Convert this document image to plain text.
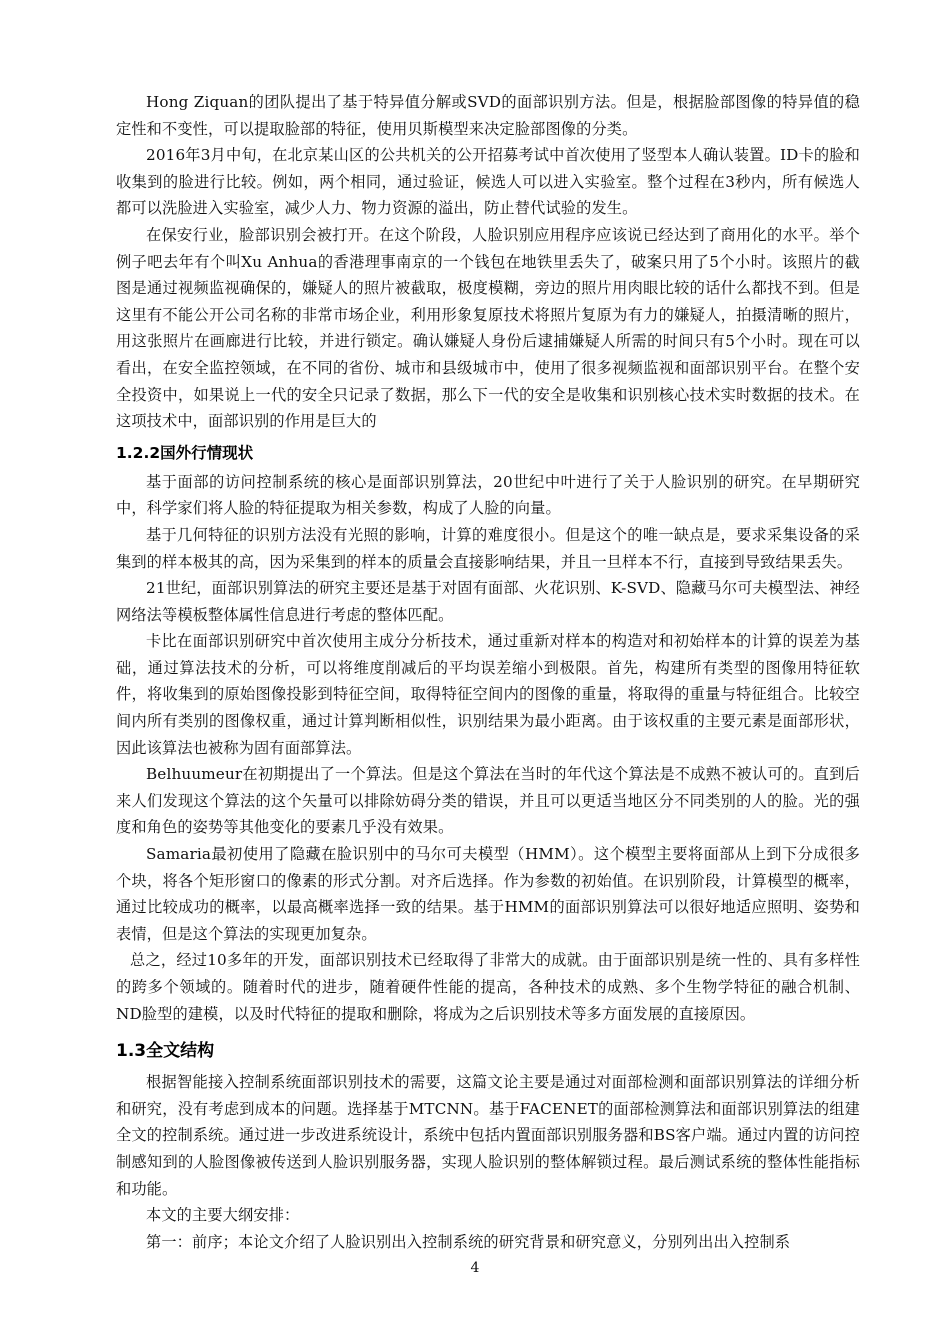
Hong Ziquan的团队提出了基于特异值分解或SVD的面部识别方法。但是，根据脸部图像的特异值的稳定性和不变性，可以提取脸部的特征，使用贝斯模型来决定脸部图像的分类。

2016年3月中旬，在北京某山区的公共机关的公开招募考试中首次使用了竖型本人确认装置。ID卡的脸和收集到的脸进行比较。例如，两个相同，通过验证，候选人可以进入实验室。整个过程在3秒内，所有候选人都可以洗脸进入实验室，减少人力、物力资源的溢出，防止替代试验的发生。

在保安行业，脸部识别会被打开。在这个阶段，人脸识别应用程序应该说已经达到了商用化的水平。举个例子吧去年有个叫Xu Anhua的香港理事南京的一个钱包在地铁里丢失了，破案只用了5个小时。该照片的截图是通过视频监视确保的，嫌疑人的照片被截取，极度模糊，旁边的照片用肉眼比较的话什么都找不到。但是这里有不能公开公司名称的非常市场企业，利用形象复原技术将照片复原为有力的嫌疑人，拍摄清晰的照片，用这张照片在画廊进行比较，并进行锁定。确认嫌疑人身份后逮捕嫌疑人所需的时间只有5个小时。现在可以看出，在安全监控领域，在不同的省份、城市和县级城市中，使用了很多视频监视和面部识别平台。在整个安全投资中，如果说上一代的安全只记录了数据，那么下一代的安全是收集和识别核心技术实时数据的技术。在这项技术中，面部识别的作用是巨大的

1.2.2国外行情现状

基于面部的访问控制系统的核心是面部识别算法，20世纪中叶进行了关于人脸识别的研究。在早期研究中，科学家们将人脸的特征提取为相关参数，构成了人脸的向量。

基于几何特征的识别方法没有光照的影响，计算的难度很小。但是这个的唯一缺点是，要求采集设备的采集到的样本极其的高，因为采集到的样本的质量会直接影响结果，并且一旦样本不行，直接到导致结果丢失。

21世纪，面部识别算法的研究主要还是基于对固有面部、火花识别、K-SVD、隐藏马尔可夫模型法、神经网络法等模板整体属性信息进行考虑的整体匹配。

卡比在面部识别研究中首次使用主成分分析技术，通过重新对样本的构造对和初始样本的计算的误差为基础，通过算法技术的分析，可以将维度削减后的平均误差缩小到极限。首先，构建所有类型的图像用特征软件，将收集到的原始图像投影到特征空间，取得特征空间内的图像的重量，将取得的重量与特征组合。比较空间内所有类别的图像权重，通过计算判断相似性，识别结果为最小距离。由于该权重的主要元素是面部形状，因此该算法也被称为固有面部算法。

Belhuumeur在初期提出了一个算法。但是这个算法在当时的年代这个算法是不成熟不被认可的。直到后来人们发现这个算法的这个矢量可以排除妨碍分类的错误，并且可以更适当地区分不同类别的人的脸。光的强度和角色的姿势等其他变化的要素几乎没有效果。

Samaria最初使用了隐藏在脸识别中的马尔可夫模型（HMM）。这个模型主要将面部从上到下分成很多个块，将各个矩形窗口的像素的形式分割。对齐后选择。作为参数的初始值。在识别阶段，计算模型的概率，通过比较成功的概率，以最高概率选择一致的结果。基于HMM的面部识别算法可以很好地适应照明、姿势和表情，但是这个算法的实现更加复杂。

总之，经过10多年的开发，面部识别技术已经取得了非常大的成就。由于面部识别是统一性的、具有多样性的跨多个领域的。随着时代的进步，随着硬件性能的提高，各种技术的成熟、多个生物学特征的融合机制、ND脸型的建模，以及时代特征的提取和删除，将成为之后识别技术等多方面发展的直接原因。

1.3全文结构

根据智能接入控制系统面部识别技术的需要，这篇文论主要是通过对面部检测和面部识别算法的详细分析和研究，没有考虑到成本的问题。选择基于MTCNN。基于FACENET的面部检测算法和面部识别算法的组建全文的控制系统。通过进一步改进系统设计，系统中包括内置面部识别服务器和BS客户端。通过内置的访问控制感知到的人脸图像被传送到人脸识别服务器，实现人脸识别的整体解锁过程。最后测试系统的整体性能指标和功能。

本文的主要大纲安排：

第一：前序；本论文介绍了人脸识别出入控制系统的研究背景和研究意义，分别列出出入控制系

4
